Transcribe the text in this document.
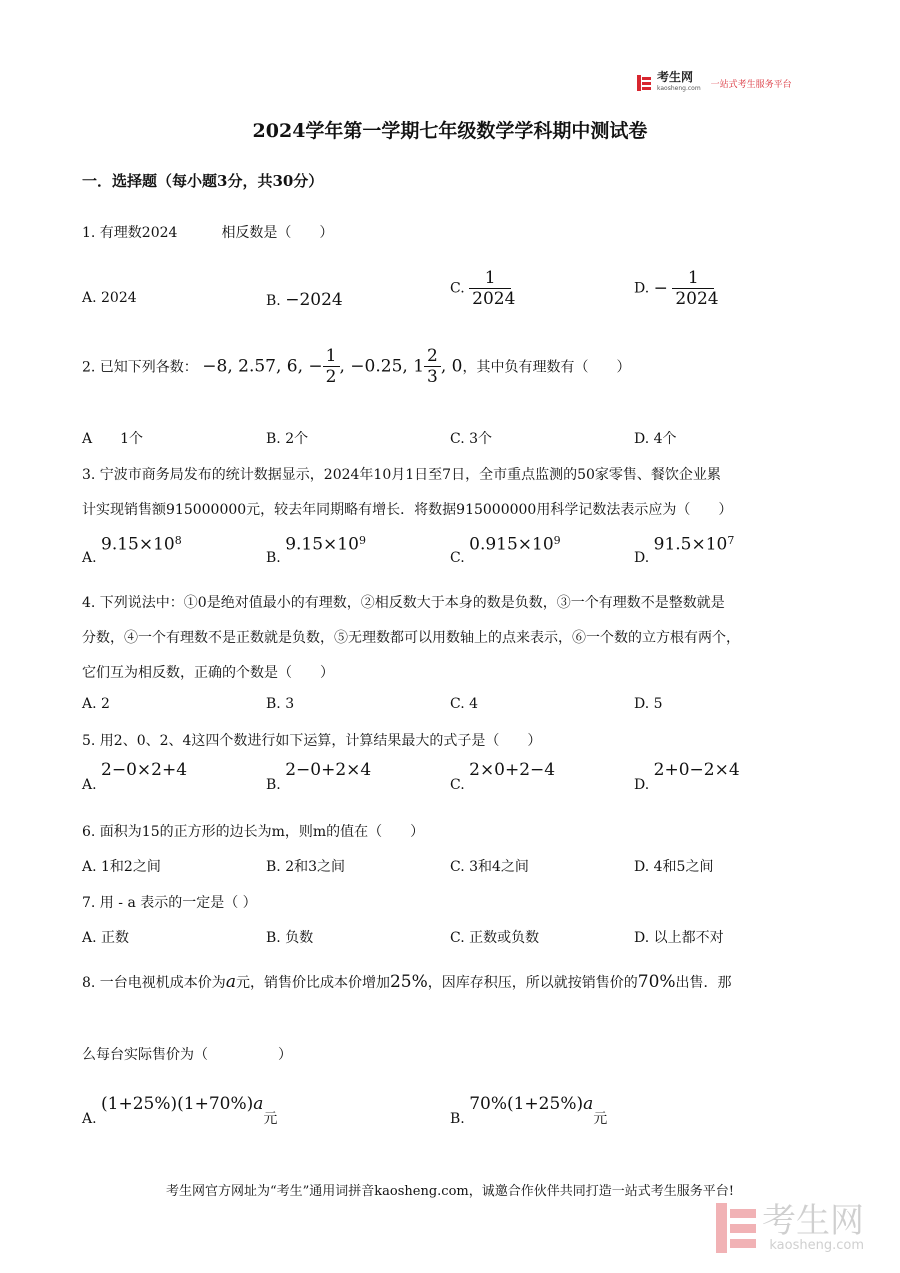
考生网
kaosheng.com 一站式考生服务平台
2024学年第一学期七年级数学学科期中测试卷
一．选择题（每小题3分，共30分）
1. 有理数2024	相反数是（　　）
A. 2024	B. −2024
C. $\frac{1}{2024}$	D. − $\frac{1}{2024}$
2. 已知下列各数： −8, 2.57, 6, − $\frac{1}{2}$ , −0.25, $1 \frac{2}{3}$ , 0，其中负有理数有（　　）
A　　1个	B. 2个	C. 3个	D. 4个
3. 宁波市商务局发布的统计数据显示，2024年10月1日至7日，全市重点监测的50家零售、餐饮企业累
计实现销售额915000000元，较去年同期略有增长．将数据915000000用科学记数法表示应为（　　）
A. $9.15\times 10^8$
B. $9.15\times 10^9$
C. $0.915\times 10^9$
D. $91.5\times 10^7$
4. 下列说法中：①0是绝对值最小的有理数，②相反数大于本身的数是负数，③一个有理数不是整数就是
分数，④一个有理数不是正数就是负数，⑤无理数都可以用数轴上的点来表示，⑥一个数的立方根有两个，
它们互为相反数，正确的个数是（　　）
A. 2	B. 3	C. 4	D. 5
5. 用2、0、2、4这四个数进行如下运算，计算结果最大的式子是（　　）
A. 2−0×2+4
B. 2−0+2×4
C. 2×0+2−4
D. 2+0−2×4
6. 面积为15的正方形的边长为m，则m的值在（　　）
A. 1和2之间	B. 2和3之间	C. 3和4之间	D. 4和5之间
7. 用 - a 表示的一定是（ ）
A. 正数	B. 负数	C. 正数或负数	D. 以上都不对
8. 一台电视机成本价为a元，销售价比成本价增加25%，因库存积压，所以就按销售价的70%出售．那
么每台实际售价为（　　　　　）
A. (1+25%)(1+70%)a元	B. 70%(1+25%)a元
考生网官方网址为“考生”通用词拼音kaosheng.com，诚邀合作伙伴共同打造一站式考生服务平台!
考生网
kaosheng.com
